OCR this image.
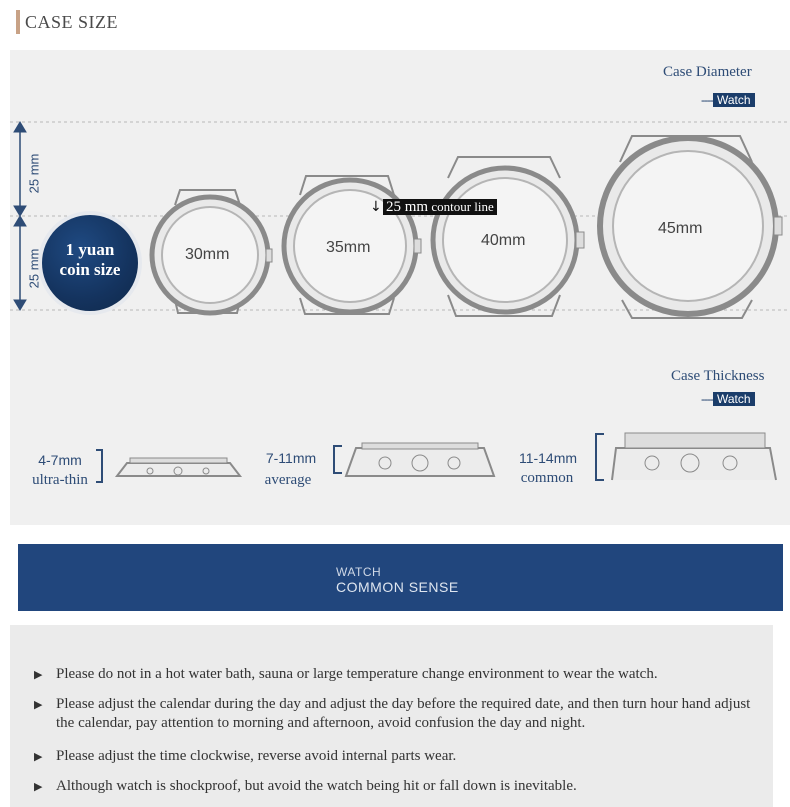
CASE SIZE
Case Diameter
---- Watch
25 mm
25 mm	1 yuan
coin size
↓ 25 mm contour line
30mm	35mm	40mm
45mm
Case Thickness
---- Watch
4-7mm
ultra-thin
7-11mm
average
11-14mm
common
WATCH
COMMON SENSE
▶ Please do not in a hot water bath, sauna or large temperature change environment to wear the watch.
▶ Please adjust the calendar during the day and adjust the day before the required date, and then turn hour hand adjust the calendar, pay attention to morning and afternoon, avoid confusion the day and night.
▶ Please adjust the time clockwise, reverse avoid internal parts wear.
▶ Although watch is shockproof, but avoid the watch being hit or fall down is inevitable.
